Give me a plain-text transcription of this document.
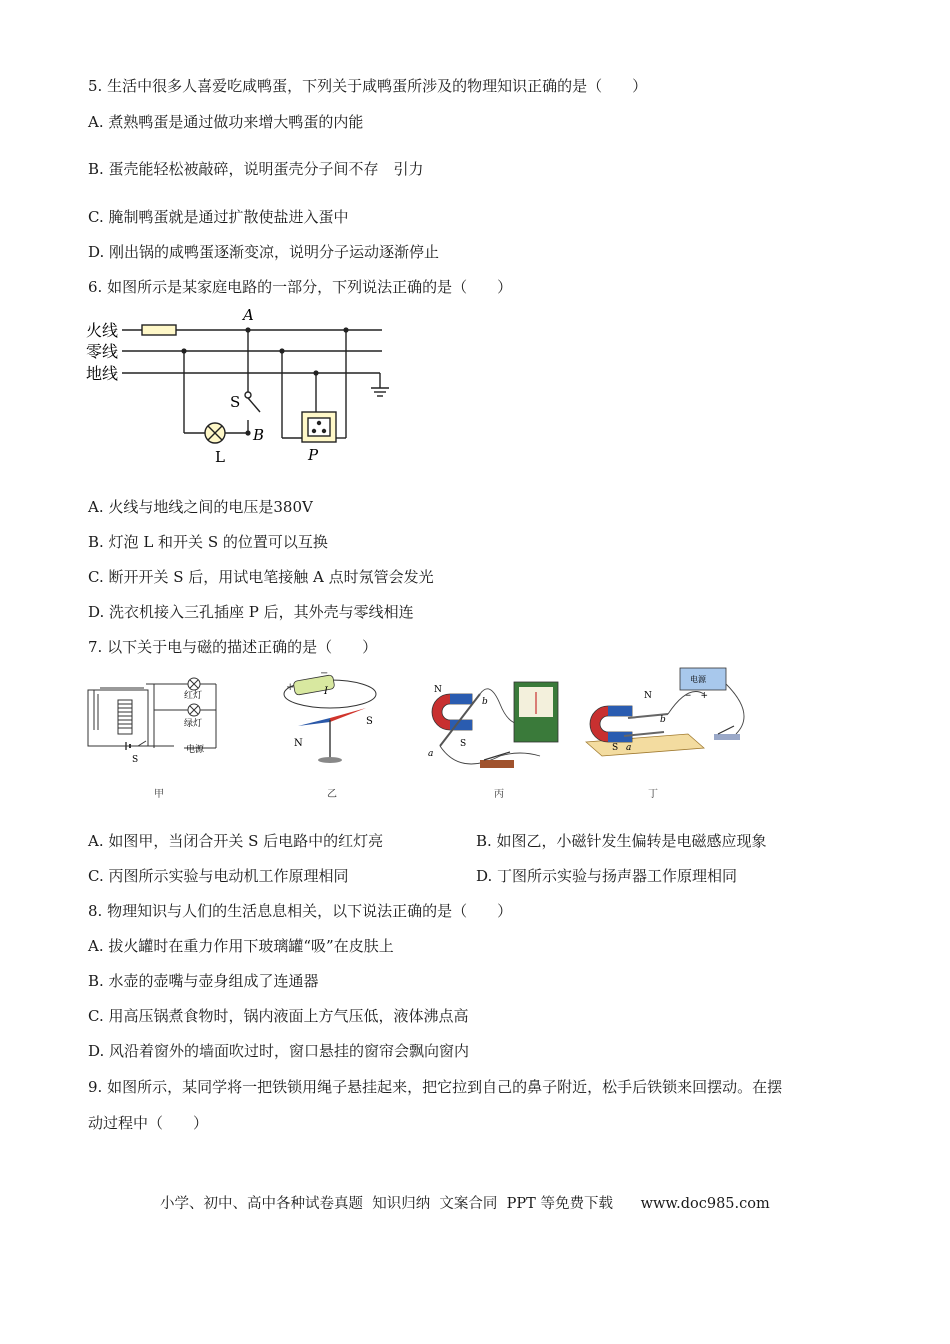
5. 生活中很多人喜爱吃咸鸭蛋，下列关于咸鸭蛋所涉及的物理知识正确的是（　　）
A. 煮熟鸭蛋是通过做功来增大鸭蛋的内能
B. 蛋壳能轻松被敲碎，说明蛋壳分子间不存　引力
C. 腌制鸭蛋就是通过扩散使盐进入蛋中
D. 刚出锅的咸鸭蛋逐渐变凉，说明分子运动逐渐停止
6. 如图所示是某家庭电路的一部分，下列说法正确的是（　　）
火线
零线
地线
A
B
S
L	P
A. 火线与地线之间的电压是380V
B. 灯泡 L 和开关 S 的位置可以互换
C. 断开开关 S 后，用试电笔接触 A 点时氖管会发光
D. 洗衣机接入三孔插座 P 后，其外壳与零线相连
7. 以下关于电与磁的描述正确的是（　　）
红灯
绿灯
电源
S
甲
+
−
I
N
S
乙
N
S
a
b
丙
电源
−　+
N
S a
b
丁
A. 如图甲，当闭合开关 S 后电路中的红灯亮	B. 如图乙，小磁针发生偏转是电磁感应现象
C. 丙图所示实验与电动机工作原理相同	D. 丁图所示实验与扬声器工作原理相同
8. 物理知识与人们的生活息息相关，以下说法正确的是（　　）
A. 拔火罐时在重力作用下玻璃罐“吸”在皮肤上
B. 水壶的壶嘴与壶身组成了连通器
C. 用高压锅煮食物时，锅内液面上方气压低，液体沸点高
D. 风沿着窗外的墙面吹过时，窗口悬挂的窗帘会飘向窗内
9. 如图所示，某同学将一把铁锁用绳子悬挂起来，把它拉到自己的鼻子附近，松手后铁锁来回摆动。在摆
动过程中（　　）
小学、初中、高中各种试卷真题  知识归纳  文案合同  PPT 等免费下载      www.doc985.com
